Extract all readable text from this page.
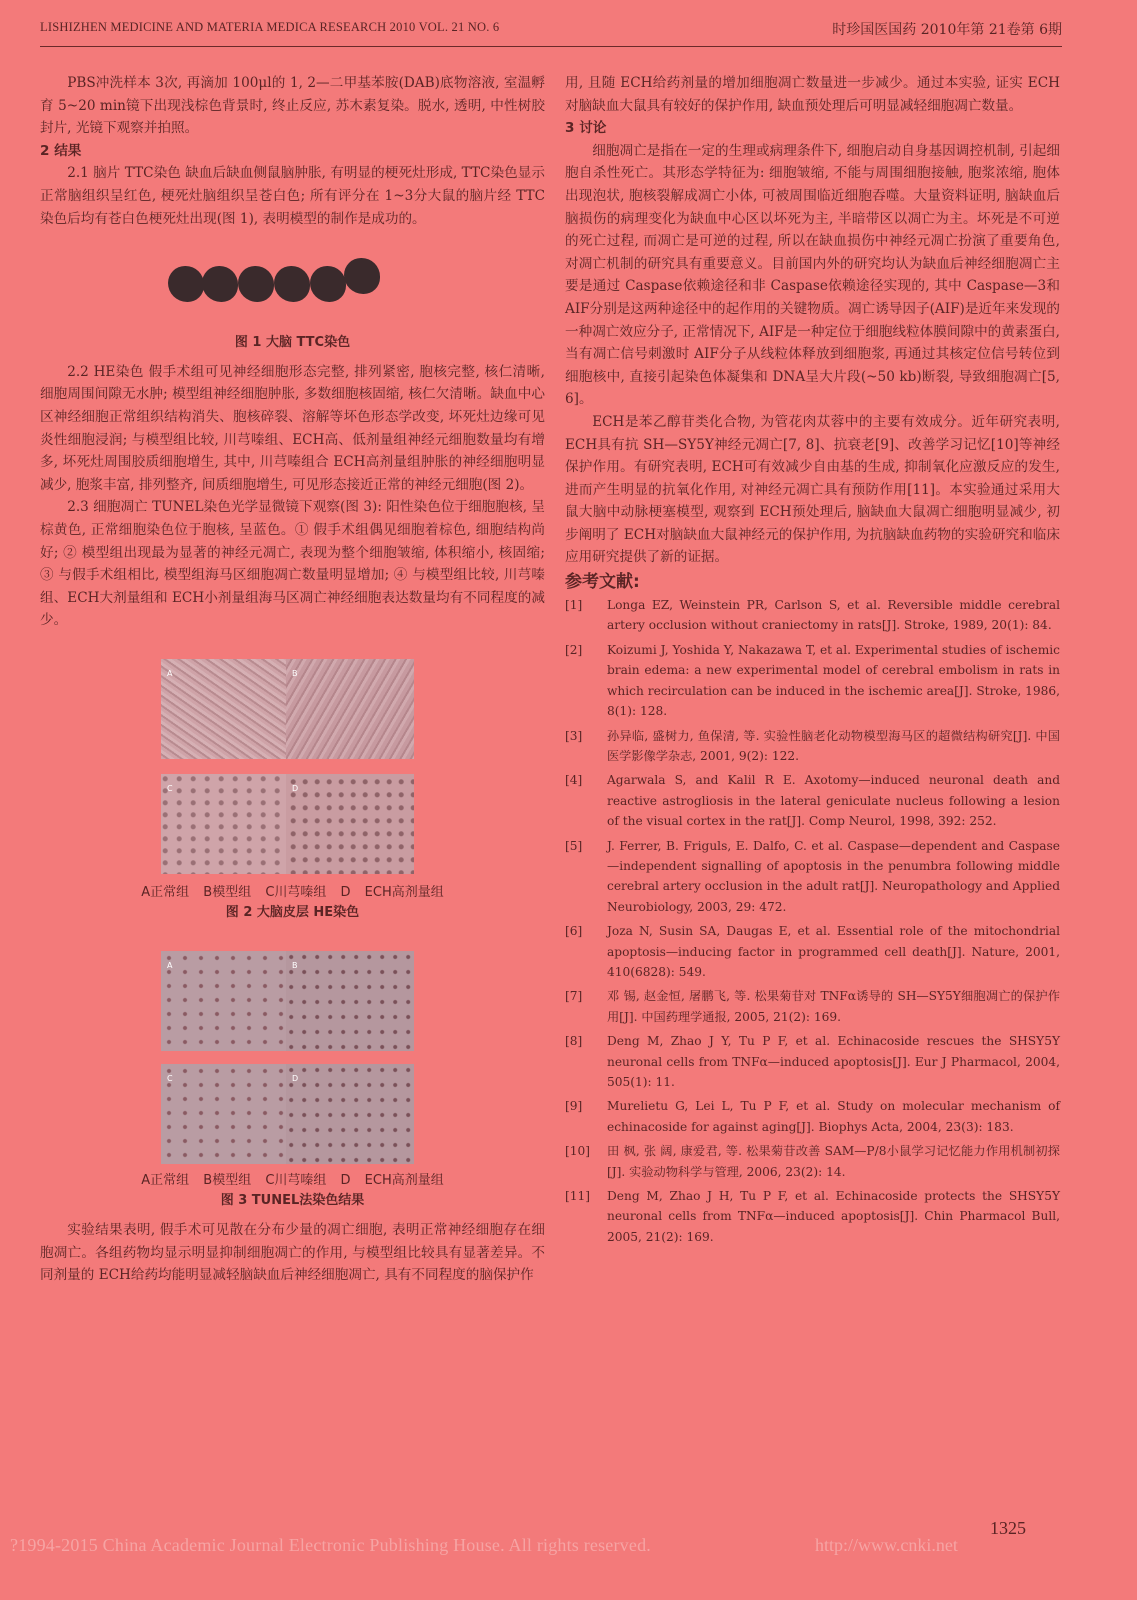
LISHIZHEN MEDICINE AND MATERIA MEDICA RESEARCH 2010 VOL. 21 NO. 6	时珍国医国药 2010年第 21卷第 6期

PBS冲洗样本 3次, 再滴加 100μl的 1, 2—二甲基苯胺(DAB)底物溶液, 室温孵育 5~20 min镜下出现浅棕色背景时, 终止反应, 苏木素复染。脱水, 透明, 中性树胶封片, 光镜下观察并拍照。

2 结果

2.1 脑片 TTC染色 缺血后缺血侧鼠脑肿胀, 有明显的梗死灶形成, TTC染色显示正常脑组织呈红色, 梗死灶脑组织呈苍白色; 所有评分在 1~3分大鼠的脑片经 TTC染色后均有苍白色梗死灶出现(图 1), 表明模型的制作是成功的。

图 1 大脑 TTC染色

2.2 HE染色 假手术组可见神经细胞形态完整, 排列紧密, 胞核完整, 核仁清晰, 细胞周围间隙无水肿; 模型组神经细胞肿胀, 多数细胞核固缩, 核仁欠清晰。缺血中心区神经细胞正常组织结构消失、胞核碎裂、溶解等坏色形态学改变, 坏死灶边缘可见炎性细胞浸润; 与模型组比较, 川芎嗪组、ECH高、低剂量组神经元细胞数量均有增多, 坏死灶周围胶质细胞增生, 其中, 川芎嗪组合 ECH高剂量组肿胀的神经细胞明显减少, 胞浆丰富, 排列整齐, 间质细胞增生, 可见形态接近正常的神经元细胞(图 2)。

2.3 细胞凋亡 TUNEL染色光学显微镜下观察(图 3): 阳性染色位于细胞胞核, 呈棕黄色, 正常细胞染色位于胞核, 呈蓝色。① 假手术组偶见细胞着棕色, 细胞结构尚好; ② 模型组出现最为显著的神经元凋亡, 表现为整个细胞皱缩, 体积缩小, 核固缩; ③ 与假手术组相比, 模型组海马区细胞凋亡数量明显增加; ④ 与模型组比较, 川芎嗪组、ECH大剂量组和 ECH小剂量组海马区凋亡神经细胞表达数量均有不同程度的减少。

A	B
C	D
A正常组 B模型组 C川芎嗪组 D ECH高剂量组

图 2 大脑皮层 HE染色

A	B
C	D
A正常组 B模型组 C川芎嗪组 D ECH高剂量组

图 3 TUNEL法染色结果

实验结果表明, 假手术可见散在分布少量的凋亡细胞, 表明正常神经细胞存在细胞凋亡。各组药物均显示明显抑制细胞凋亡的作用, 与模型组比较具有显著差异。不同剂量的 ECH给药均能明显减轻脑缺血后神经细胞凋亡, 具有不同程度的脑保护作

用, 且随 ECH给药剂量的增加细胞凋亡数量进一步减少。通过本实验, 证实 ECH对脑缺血大鼠具有较好的保护作用, 缺血预处理后可明显减轻细胞凋亡数量。

3 讨论

细胞凋亡是指在一定的生理或病理条件下, 细胞启动自身基因调控机制, 引起细胞自杀性死亡。其形态学特征为: 细胞皱缩, 不能与周围细胞接触, 胞浆浓缩, 胞体出现泡状, 胞核裂解成凋亡小体, 可被周围临近细胞吞噬。大量资料证明, 脑缺血后脑损伤的病理变化为缺血中心区以坏死为主, 半暗带区以凋亡为主。坏死是不可逆的死亡过程, 而凋亡是可逆的过程, 所以在缺血损伤中神经元凋亡扮演了重要角色, 对凋亡机制的研究具有重要意义。目前国内外的研究均认为缺血后神经细胞凋亡主要是通过 Caspase依赖途径和非 Caspase依赖途径实现的, 其中 Caspase—3和 AIF分别是这两种途径中的起作用的关键物质。凋亡诱导因子(AIF)是近年来发现的一种凋亡效应分子, 正常情况下, AIF是一种定位于细胞线粒体膜间隙中的黄素蛋白, 当有凋亡信号刺激时 AIF分子从线粒体释放到细胞浆, 再通过其核定位信号转位到细胞核中, 直接引起染色体凝集和 DNA呈大片段(~50 kb)断裂, 导致细胞凋亡[5, 6]。

ECH是苯乙醇苷类化合物, 为管花肉苁蓉中的主要有效成分。近年研究表明, ECH具有抗 SH—SY5Y神经元凋亡[7, 8]、抗衰老[9]、改善学习记忆[10]等神经保护作用。有研究表明, ECH可有效减少自由基的生成, 抑制氧化应激反应的发生, 进而产生明显的抗氧化作用, 对神经元凋亡具有预防作用[11]。本实验通过采用大鼠大脑中动脉梗塞模型, 观察到 ECH预处理后, 脑缺血大鼠凋亡细胞明显减少, 初步阐明了 ECH对脑缺血大鼠神经元的保护作用, 为抗脑缺血药物的实验研究和临床应用研究提供了新的证据。

参考文献:

[1]	Longa EZ, Weinstein PR, Carlson S, et al. Reversible middle cerebral artery occlusion without craniectomy in rats[J]. Stroke, 1989, 20(1): 84.
[2]	Koizumi J, Yoshida Y, Nakazawa T, et al. Experimental studies of ischemic brain edema: a new experimental model of cerebral embolism in rats in which recirculation can be induced in the ischemic area[J]. Stroke, 1986, 8(1): 128.
[3]	孙异临, 盛树力, 鱼保清, 等. 实验性脑老化动物模型海马区的超微结构研究[J]. 中国医学影像学杂志, 2001, 9(2): 122.
[4]	Agarwala S, and Kalil R E. Axotomy—induced neuronal death and reactive astrogliosis in the lateral geniculate nucleus following a lesion of the visual cortex in the rat[J]. Comp Neurol, 1998, 392: 252.
[5]	J. Ferrer, B. Friguls, E. Dalfo, C. et al. Caspase—dependent and Caspase—independent signalling of apoptosis in the penumbra following middle cerebral artery occlusion in the adult rat[J]. Neuropathology and Applied Neurobiology, 2003, 29: 472.
[6]	Joza N, Susin SA, Daugas E, et al. Essential role of the mitochondrial apoptosis—inducing factor in programmed cell death[J]. Nature, 2001, 410(6828): 549.
[7]	邓 锡, 赵金恒, 屠鹏飞, 等. 松果菊苷对 TNFα诱导的 SH—SY5Y细胞凋亡的保护作用[J]. 中国药理学通报, 2005, 21(2): 169.
[8]	Deng M, Zhao J Y, Tu P F, et al. Echinacoside rescues the SHSY5Y neuronal cells from TNFα—induced apoptosis[J]. Eur J Pharmacol, 2004, 505(1): 11.
[9]	Murelietu G, Lei L, Tu P F, et al. Study on molecular mechanism of echinacoside for against aging[J]. Biophys Acta, 2004, 23(3): 183.
[10]	田 枫, 张 阔, 康爱君, 等. 松果菊苷改善 SAM—P/8小鼠学习记忆能力作用机制初探[J]. 实验动物科学与管理, 2006, 23(2): 14.
[11]	Deng M, Zhao J H, Tu P F, et al. Echinacoside protects the SHSY5Y neuronal cells from TNFα—induced apoptosis[J]. Chin Pharmacol Bull, 2005, 21(2): 169.
1325
?1994-2015 China Academic Journal Electronic Publishing House. All rights reserved.	http://www.cnki.net
